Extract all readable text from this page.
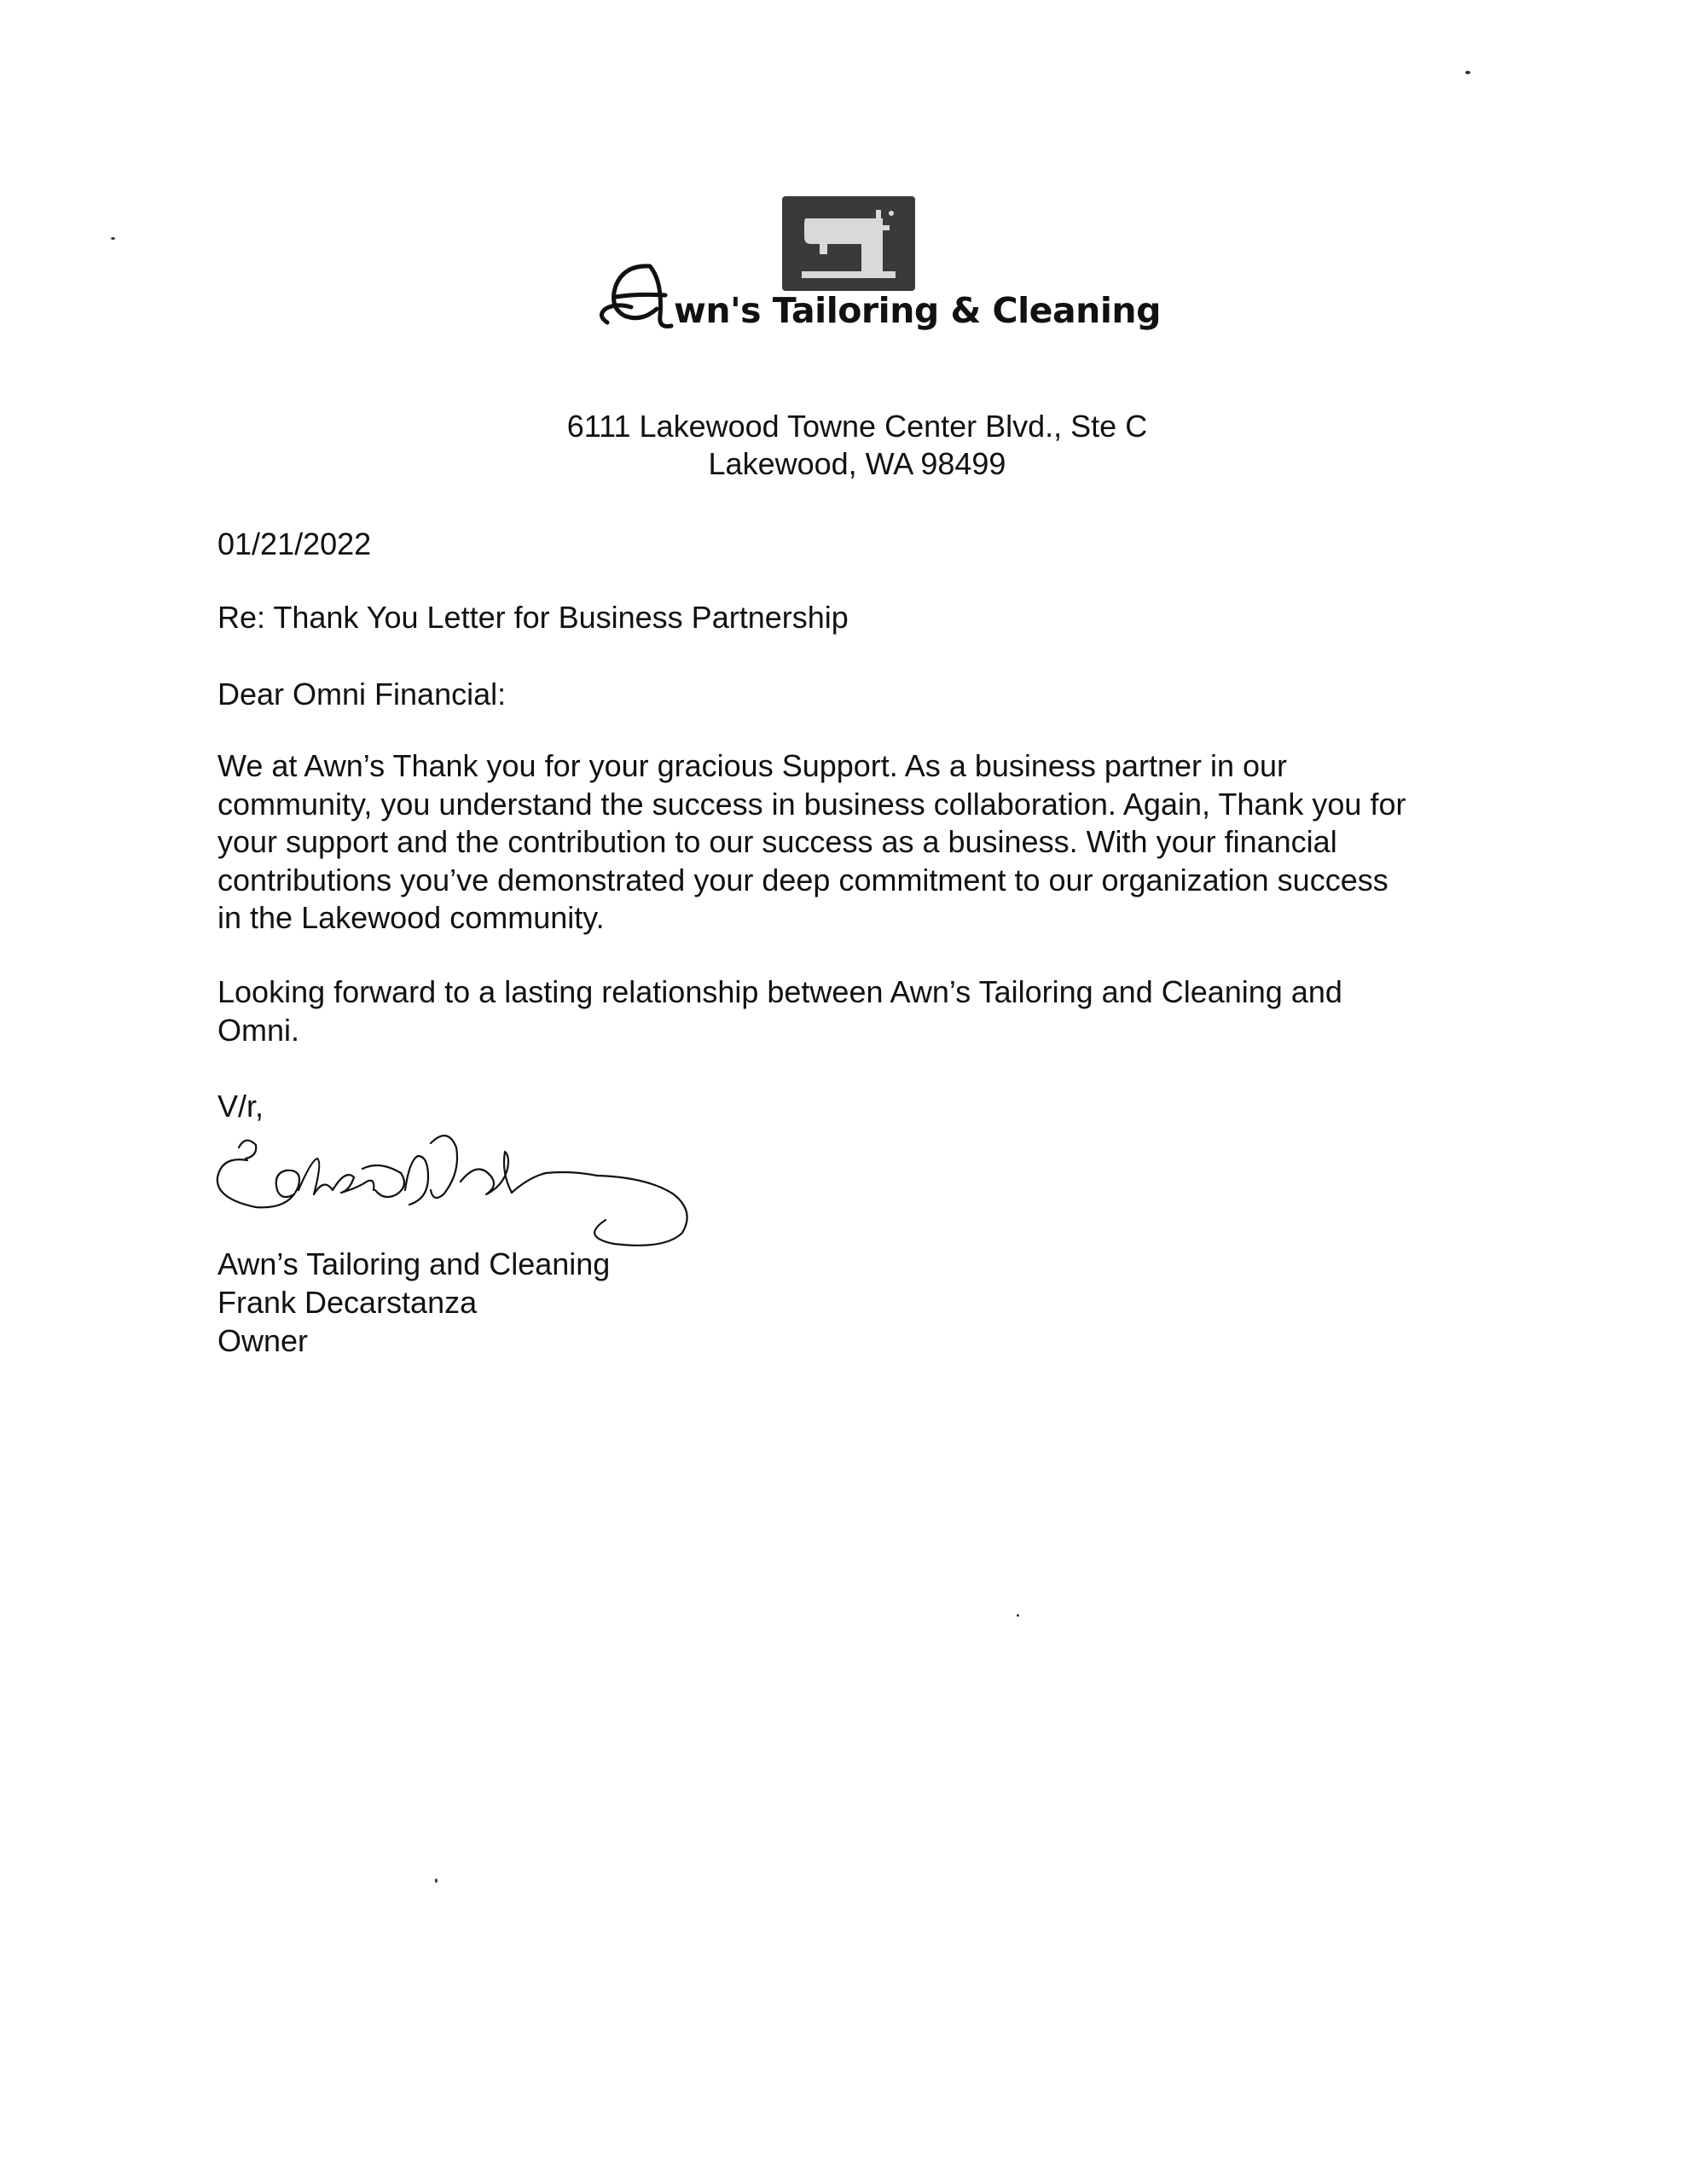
wn's Tailoring & Cleaning
6111 Lakewood Towne Center Blvd., Ste C
Lakewood, WA 98499
01/21/2022
Re: Thank You Letter for Business Partnership
Dear Omni Financial:
We at Awn’s Thank you for your gracious Support. As a business partner in our
community, you understand the success in business collaboration. Again, Thank you for
your support and the contribution to our success as a business. With your financial
contributions you’ve demonstrated your deep commitment to our organization success
in the Lakewood community.
Looking forward to a lasting relationship between Awn’s Tailoring and Cleaning and
Omni.
V/r,
Awn’s Tailoring and Cleaning
Frank Decarstanza
Owner
